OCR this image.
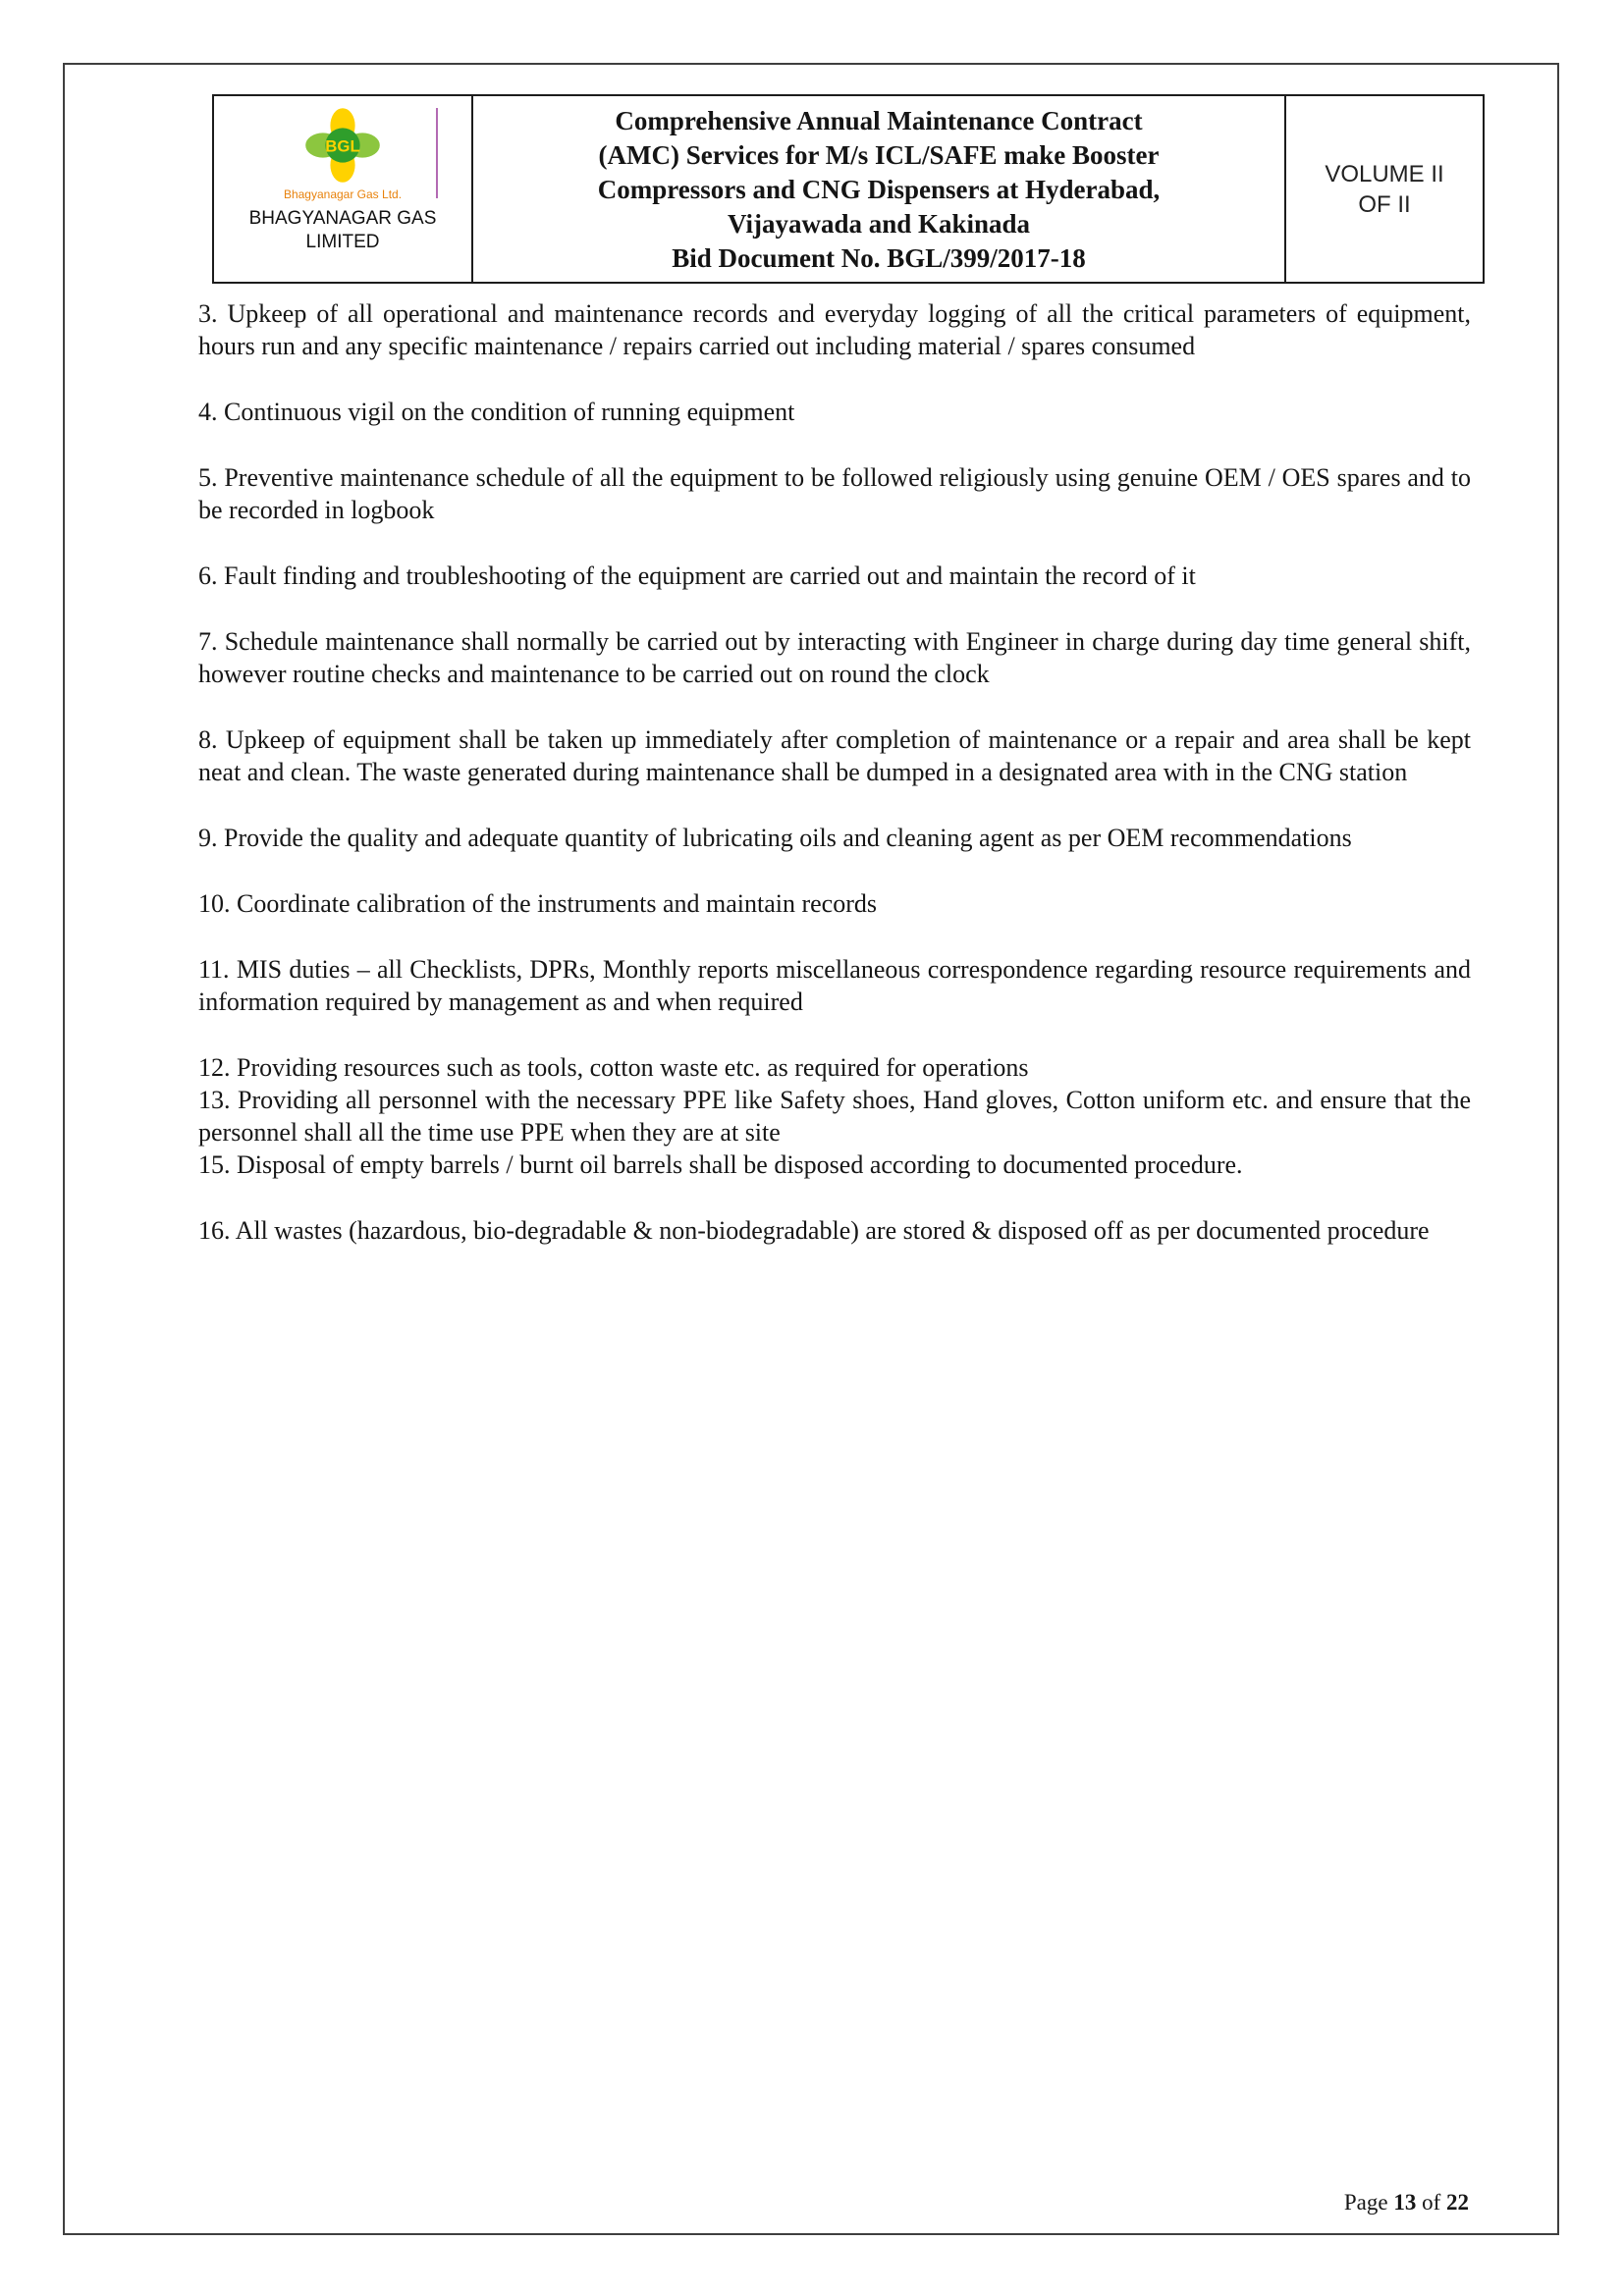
BGL
Bhagyanagar Gas Ltd.
BHAGYANAGAR GAS
LIMITED
Comprehensive Annual Maintenance Contract
(AMC) Services for M/s ICL/SAFE make Booster
Compressors and CNG Dispensers at Hyderabad,
Vijayawada and Kakinada
Bid Document No. BGL/399/2017-18
VOLUME II
OF II

3. Upkeep of all operational and maintenance records and everyday logging of all the critical parameters of equipment, hours run and any specific maintenance / repairs carried out including material / spares consumed

4. Continuous vigil on the condition of running equipment

5. Preventive maintenance schedule of all the equipment to be followed religiously using genuine OEM / OES spares and to be recorded in logbook

6. Fault finding and troubleshooting of the equipment are carried out and maintain the record of it

7. Schedule maintenance shall normally be carried out by interacting with Engineer in charge during day time general shift, however routine checks and maintenance to be carried out on round the clock

8. Upkeep of equipment shall be taken up immediately after completion of maintenance or a repair and area shall be kept neat and clean. The waste generated during maintenance shall be dumped in a designated area with in the CNG station

9. Provide the quality and adequate quantity of lubricating oils and cleaning agent as per OEM recommendations

10. Coordinate calibration of the instruments and maintain records

11. MIS duties – all Checklists, DPRs, Monthly reports miscellaneous correspondence regarding resource requirements and information required by management as and when required

12. Providing resources such as tools, cotton waste etc. as required for operations

13. Providing all personnel with the necessary PPE like Safety shoes, Hand gloves, Cotton uniform etc. and ensure that the personnel shall all the time use PPE when they are at site

15. Disposal of empty barrels / burnt oil barrels shall be disposed according to documented procedure.

16. All wastes (hazardous, bio-degradable & non-biodegradable) are stored & disposed off as per documented procedure

Page 13 of 22
